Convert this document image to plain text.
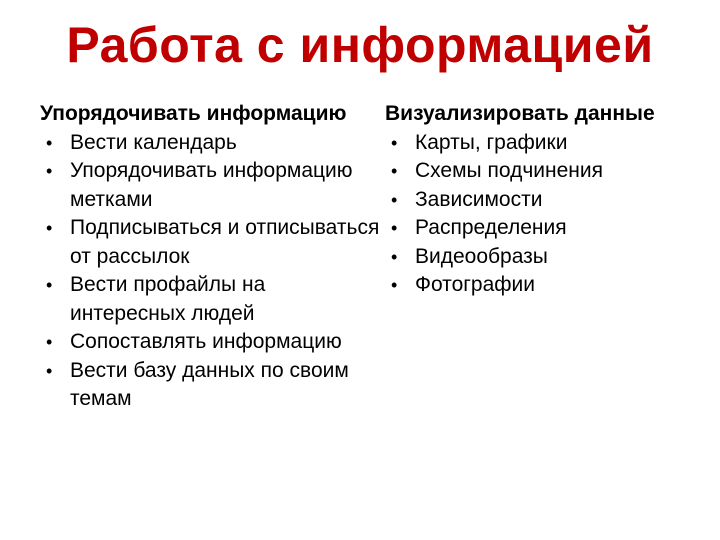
Работа с информацией

Упорядочивать информацию

• Вести календарь
• Упорядочивать информацию метками
• Подписываться и отписываться от рассылок
• Вести профайлы на интересных людей
• Сопоставлять информацию
• Вести базу данных по своим темам

Визуализировать данные

• Карты, графики
• Схемы подчинения
• Зависимости
• Распределения
• Видеообразы
• Фотографии
